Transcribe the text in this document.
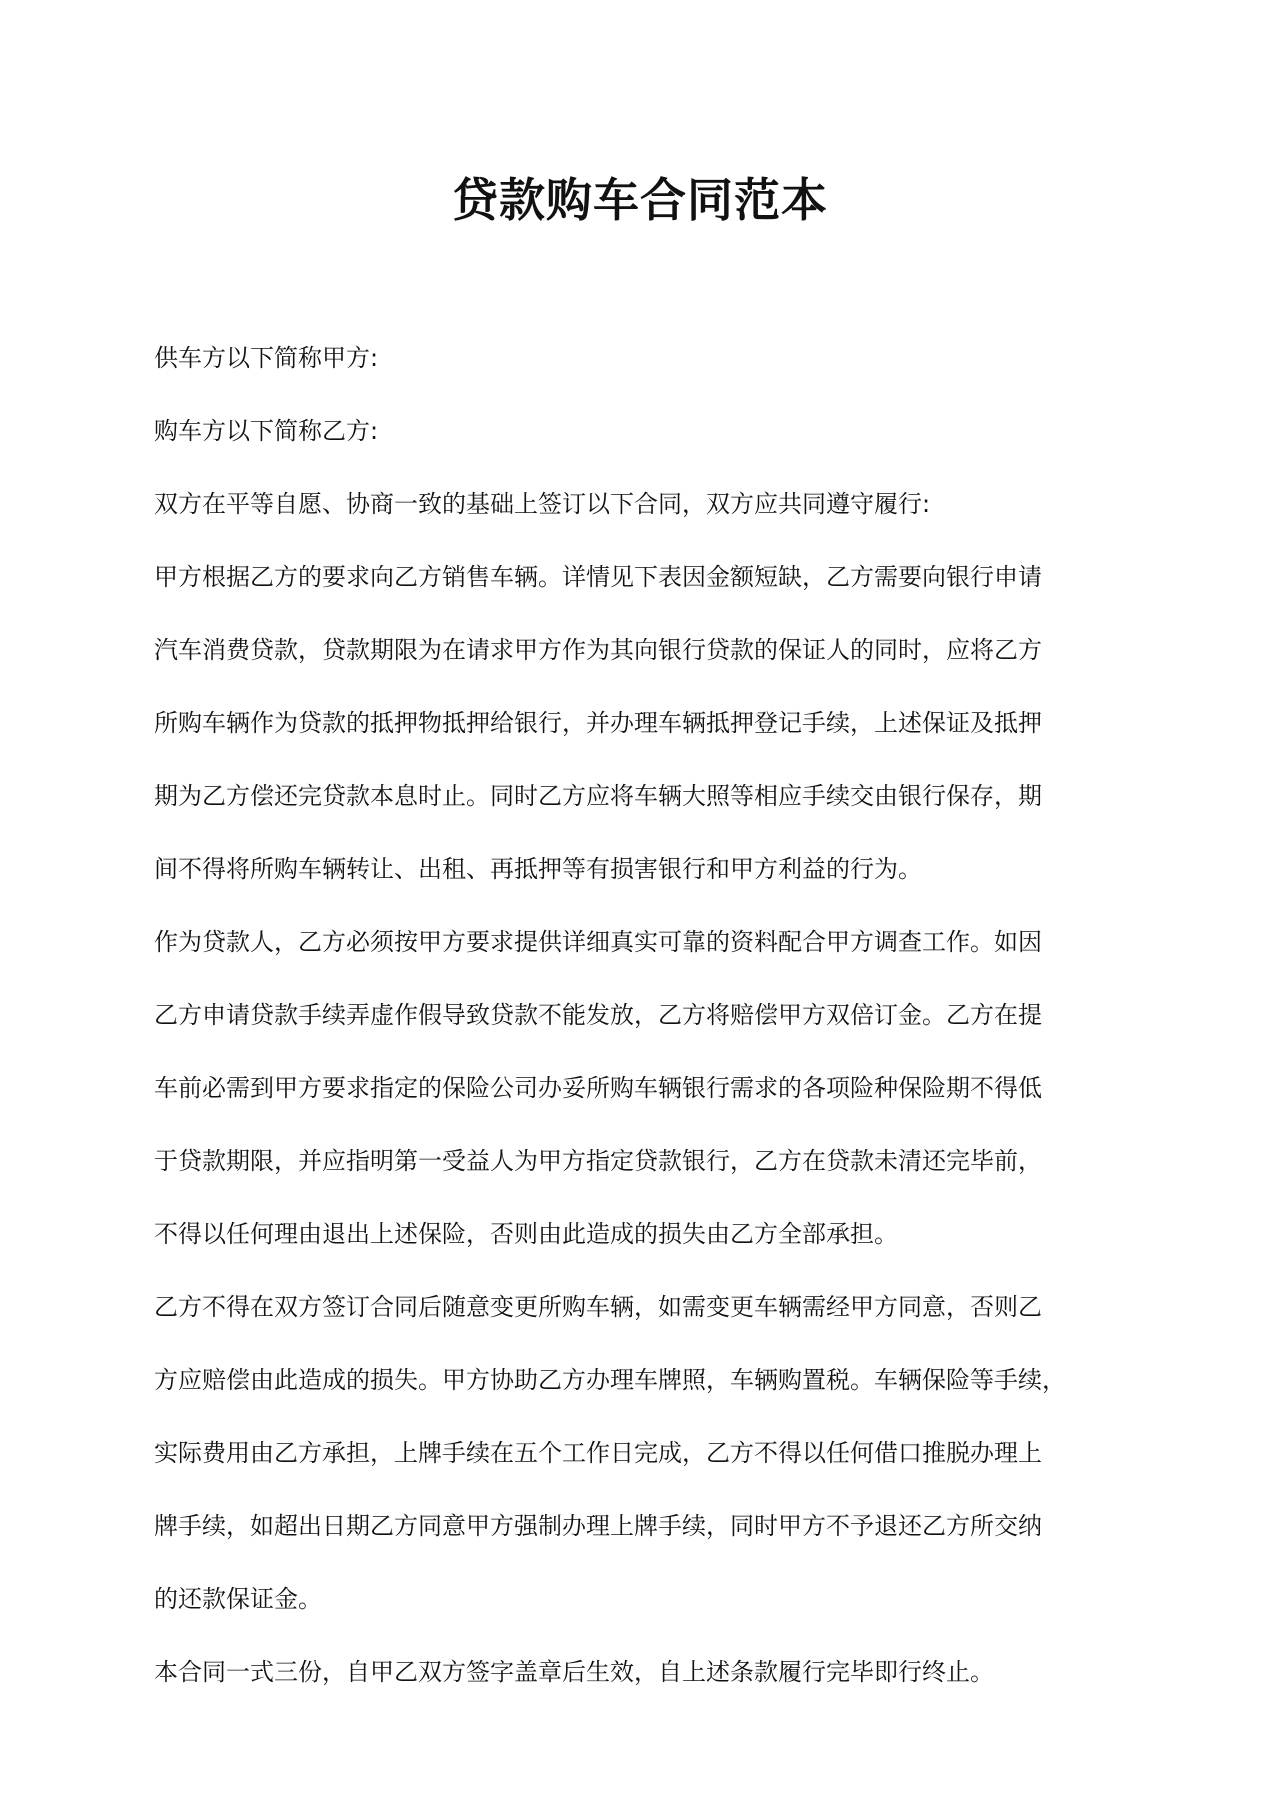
贷款购车合同范本
供车方以下简称甲方:
购车方以下简称乙方:
双方在平等自愿、协商一致的基础上签订以下合同，双方应共同遵守履行:
甲方根据乙方的要求向乙方销售车辆。详情见下表因金额短缺，乙方需要向银行申请
汽车消费贷款，贷款期限为在请求甲方作为其向银行贷款的保证人的同时，应将乙方
所购车辆作为贷款的抵押物抵押给银行，并办理车辆抵押登记手续，上述保证及抵押
期为乙方偿还完贷款本息时止。同时乙方应将车辆大照等相应手续交由银行保存，期
间不得将所购车辆转让、出租、再抵押等有损害银行和甲方利益的行为。
作为贷款人，乙方必须按甲方要求提供详细真实可靠的资料配合甲方调查工作。如因
乙方申请贷款手续弄虚作假导致贷款不能发放，乙方将赔偿甲方双倍订金。乙方在提
车前必需到甲方要求指定的保险公司办妥所购车辆银行需求的各项险种保险期不得低
于贷款期限，并应指明第一受益人为甲方指定贷款银行，乙方在贷款未清还完毕前，
不得以任何理由退出上述保险，否则由此造成的损失由乙方全部承担。
乙方不得在双方签订合同后随意变更所购车辆，如需变更车辆需经甲方同意，否则乙
方应赔偿由此造成的损失。甲方协助乙方办理车牌照，车辆购置税。车辆保险等手续，
实际费用由乙方承担，上牌手续在五个工作日完成，乙方不得以任何借口推脱办理上
牌手续，如超出日期乙方同意甲方强制办理上牌手续，同时甲方不予退还乙方所交纳
的还款保证金。
本合同一式三份，自甲乙双方签字盖章后生效，自上述条款履行完毕即行终止。
